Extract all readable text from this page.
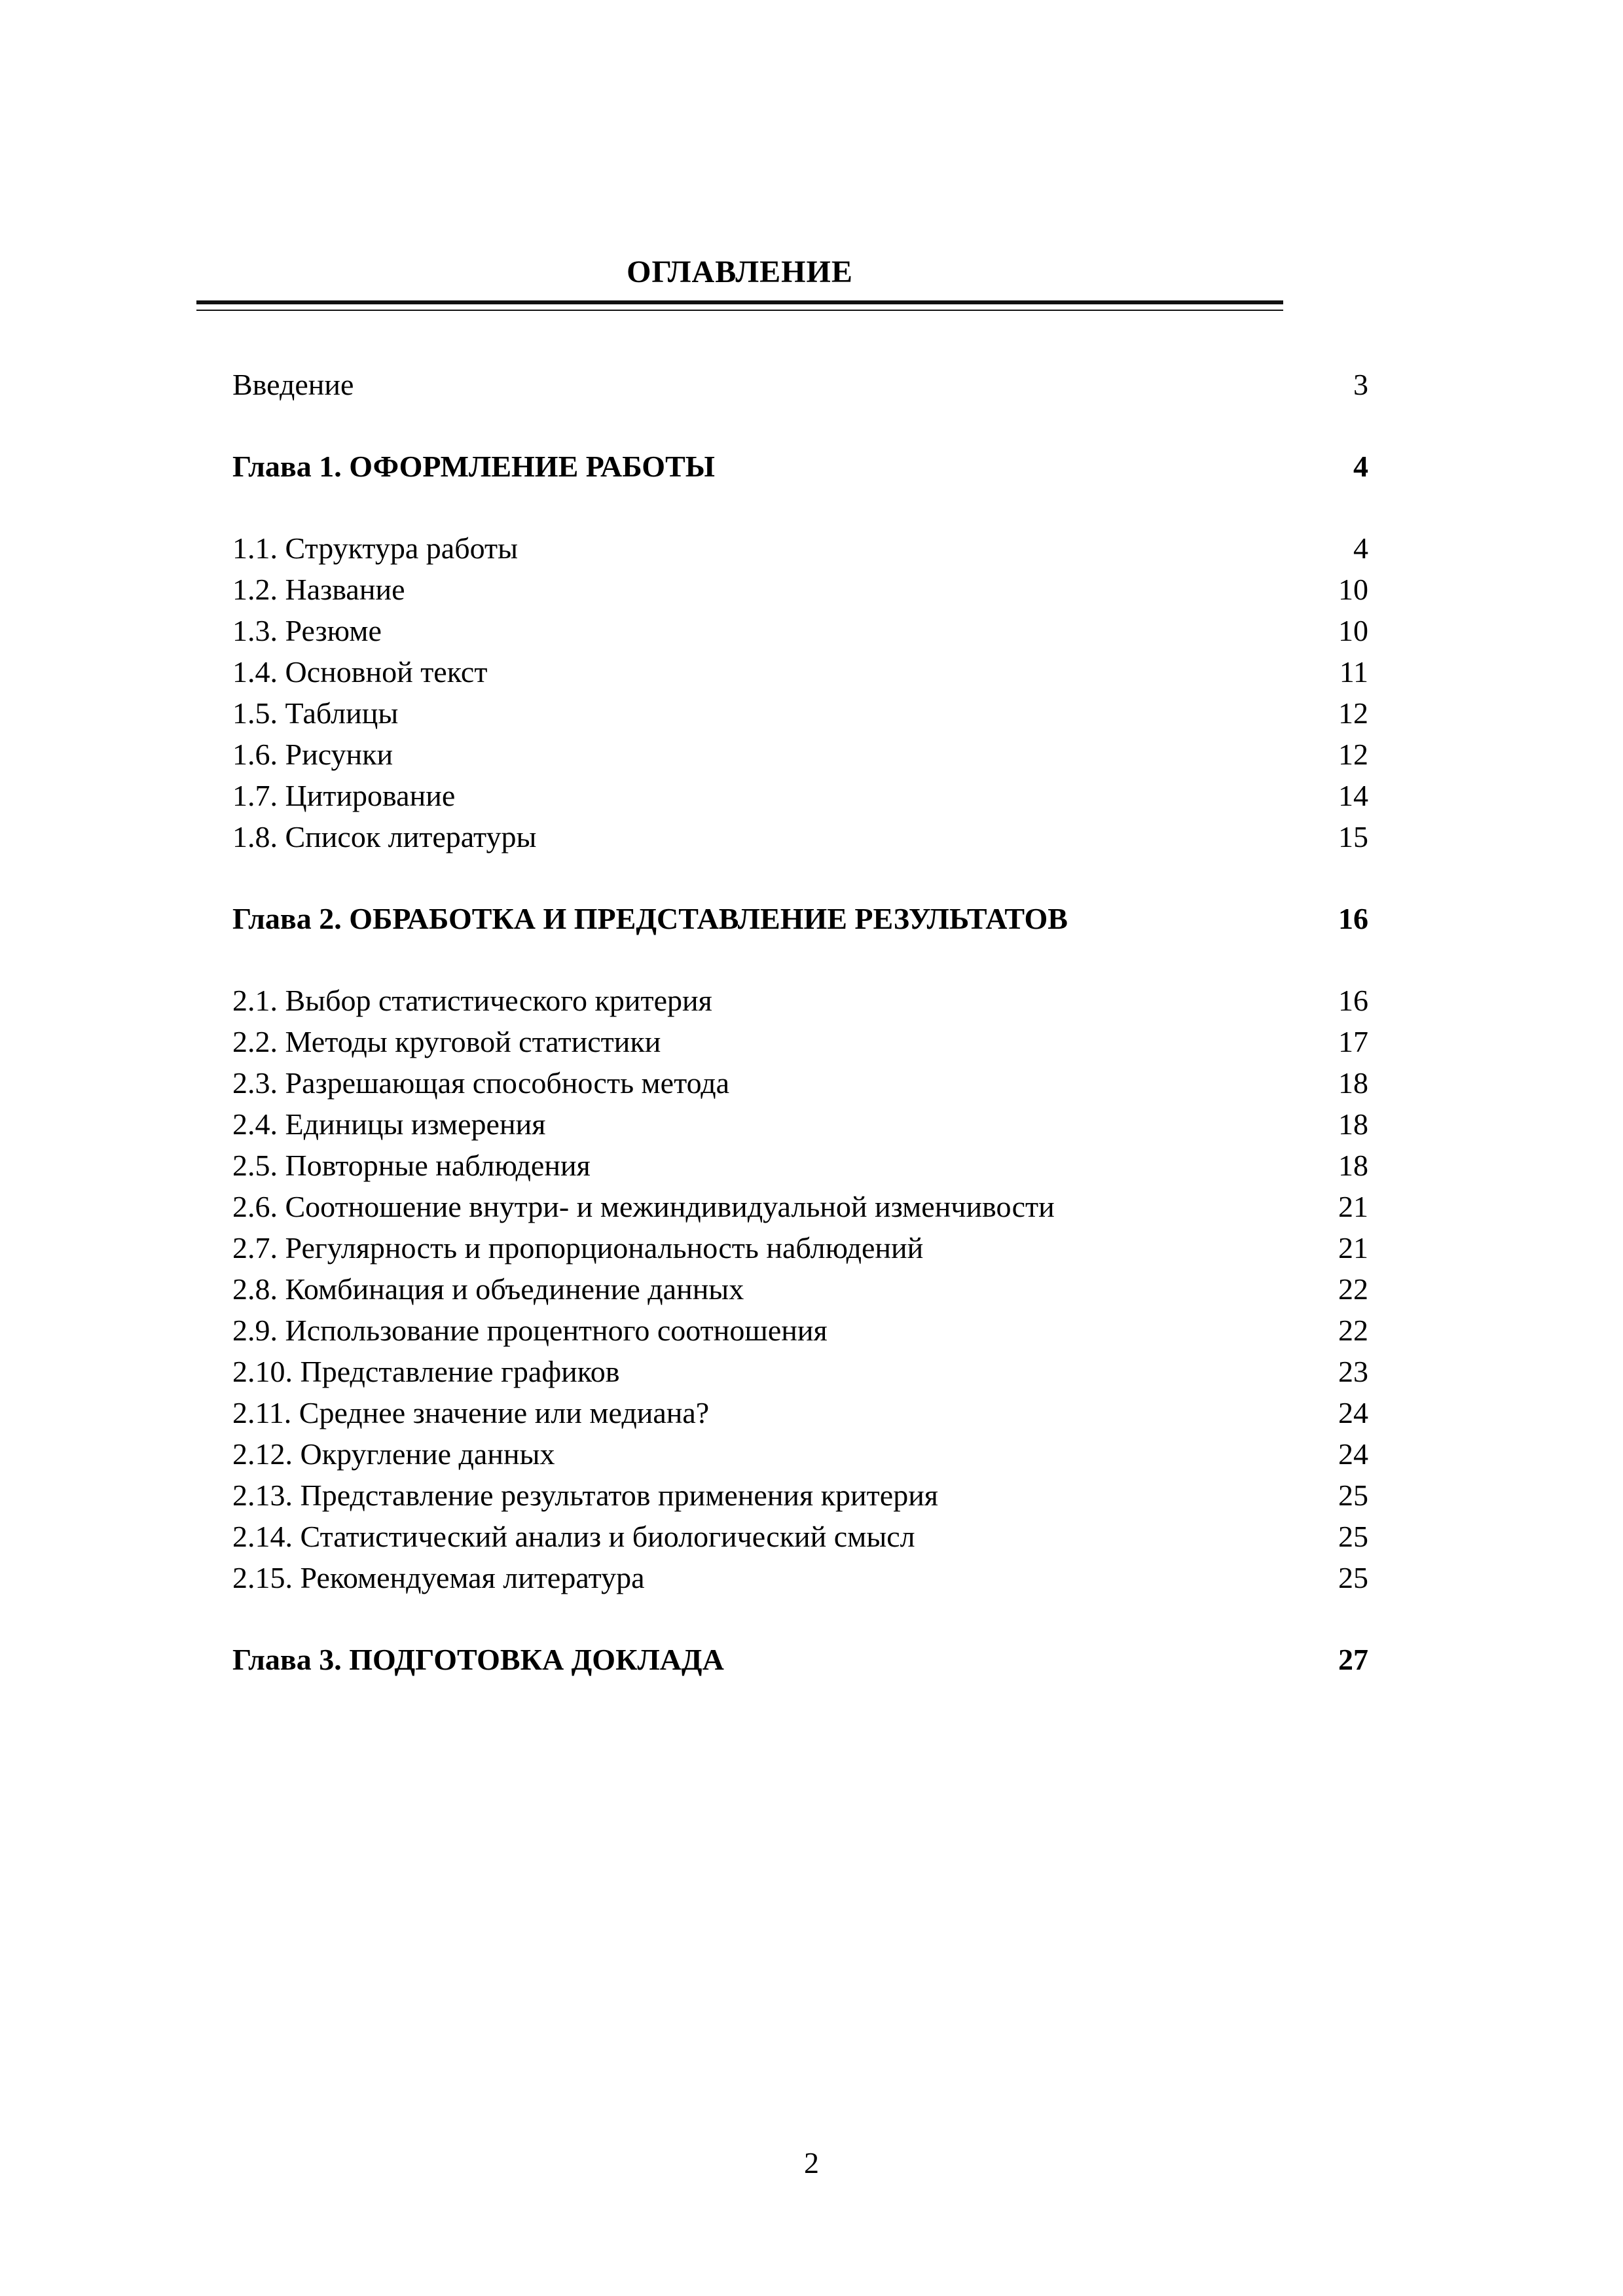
ОГЛАВЛЕНИЕ
Введение	3
Глава 1. ОФОРМЛЕНИЕ РАБОТЫ	4
1.1. Структура работы	4
1.2. Название	10
1.3. Резюме	10
1.4. Основной текст	11
1.5. Таблицы	12
1.6. Рисунки	12
1.7. Цитирование	14
1.8. Список литературы	15
Глава 2. ОБРАБОТКА И ПРЕДСТАВЛЕНИЕ РЕЗУЛЬТАТОВ	16
2.1. Выбор статистического критерия	16
2.2. Методы круговой статистики	17
2.3. Разрешающая способность метода	18
2.4. Единицы измерения	18
2.5. Повторные наблюдения	18
2.6. Соотношение внутри- и межиндивидуальной изменчивости	21
2.7. Регулярность и пропорциональность наблюдений	21
2.8. Комбинация и объединение данных	22
2.9. Использование процентного соотношения	22
2.10. Представление графиков	23
2.11. Среднее значение или медиана?	24
2.12. Округление данных	24
2.13. Представление результатов применения критерия	25
2.14. Статистический анализ и биологический смысл	25
2.15. Рекомендуемая литература	25
Глава 3. ПОДГОТОВКА ДОКЛАДА	27
2
